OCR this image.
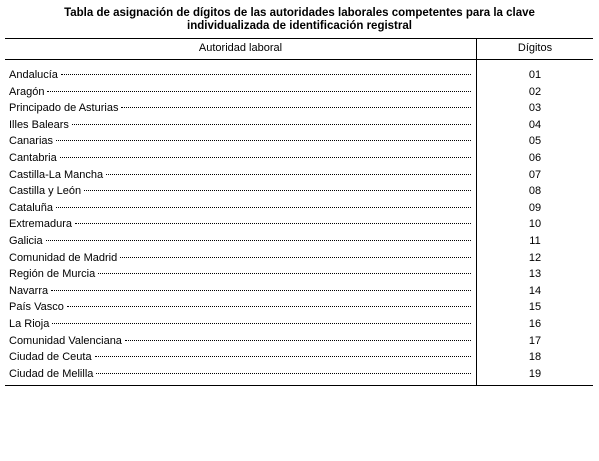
Tabla de asignación de dígitos de las autoridades laborales competentes para la clave
individualizada de identificación registral
Autoridad laboral	Dígitos
Andalucía	01
Aragón	02
Principado de Asturias	03
Illes Balears	04
Canarias	05
Cantabria	06
Castilla-La Mancha	07
Castilla y León	08
Cataluña	09
Extremadura	10
Galicia	11
Comunidad de Madrid	12
Región de Murcia	13
Navarra	14
País Vasco	15
La Rioja	16
Comunidad Valenciana	17
Ciudad de Ceuta	18
Ciudad de Melilla	19
